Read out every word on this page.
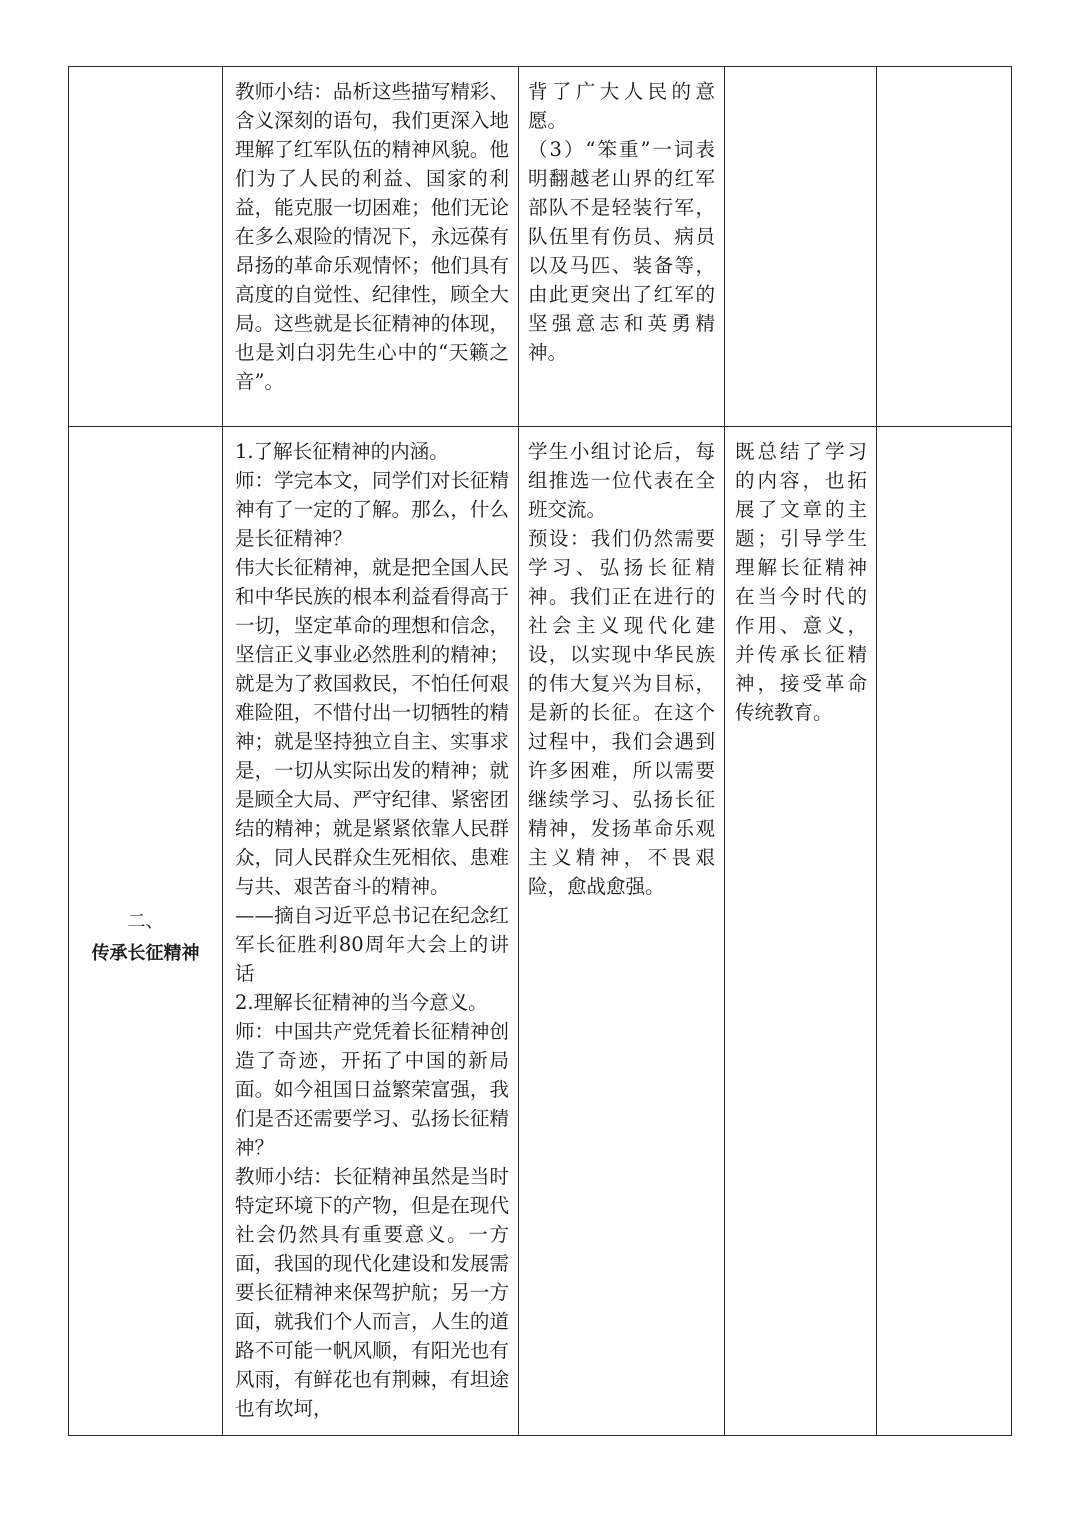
教师小结：品析这些描写精彩、含义深刻的语句，我们更深入地理解了红军队伍的精神风貌。他们为了人民的利益、国家的利益，能克服一切困难；他们无论在多么艰险的情况下，永远葆有昂扬的革命乐观情怀；他们具有高度的自觉性、纪律性，顾全大局。这些就是长征精神的体现，也是刘白羽先生心中的“天籁之音”。

背了广大人民的意愿。

（3）“笨重”一词表明翻越老山界的红军部队不是轻装行军，队伍里有伤员、病员以及马匹、装备等，由此更突出了红军的坚强意志和英勇精神。

二、
传承长征精神

1.了解长征精神的内涵。

师：学完本文，同学们对长征精神有了一定的了解。那么，什么是长征精神？

伟大长征精神，就是把全国人民和中华民族的根本利益看得高于一切，坚定革命的理想和信念，坚信正义事业必然胜利的精神；就是为了救国救民，不怕任何艰难险阻，不惜付出一切牺牲的精神；就是坚持独立自主、实事求是，一切从实际出发的精神；就是顾全大局、严守纪律、紧密团结的精神；就是紧紧依靠人民群众，同人民群众生死相依、患难与共、艰苦奋斗的精神。

——摘自习近平总书记在纪念红军长征胜利80周年大会上的讲话

2.理解长征精神的当今意义。

师：中国共产党凭着长征精神创造了奇迹，开拓了中国的新局面。如今祖国日益繁荣富强，我们是否还需要学习、弘扬长征精神？

教师小结：长征精神虽然是当时特定环境下的产物，但是在现代社会仍然具有重要意义。一方面，我国的现代化建设和发展需要长征精神来保驾护航；另一方面，就我们个人而言，人生的道路不可能一帆风顺，有阳光也有风雨，有鲜花也有荆棘，有坦途也有坎坷，

学生小组讨论后，每组推选一位代表在全班交流。

预设：我们仍然需要学习、弘扬长征精神。我们正在进行的社会主义现代化建设，以实现中华民族的伟大复兴为目标，是新的长征。在这个过程中，我们会遇到许多困难，所以需要继续学习、弘扬长征精神，发扬革命乐观主义精神，不畏艰险，愈战愈强。

既总结了学习的内容，也拓展了文章的主题；引导学生理解长征精神在当今时代的作用、意义，并传承长征精神，接受革命传统教育。
